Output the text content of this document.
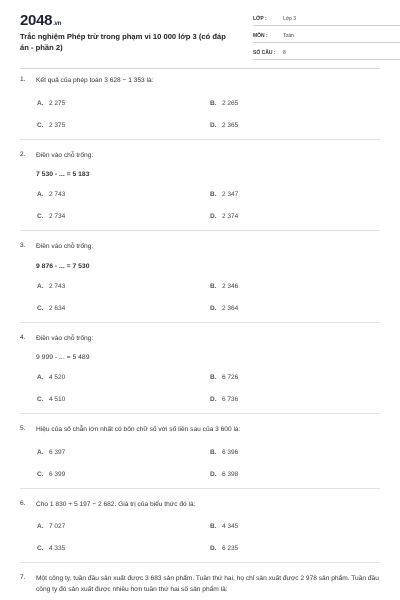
2048.vn
Trắc nghiệm Phép trừ trong phạm vi 10 000 lớp 3 (có đáp án - phần 2)
LỚP :	Lớp 3
MÔN :	Toán
SỐ CÂU : 8
1.	Kết quả của phép toán 3 628 − 1 353 là:
A. 2 275	B. 2 265
C. 2 375	D. 2 365
2.	Điền vào chỗ trống:
7 530 - ... = 5 183
A. 2 743	B. 2 347
C. 2 734	D. 2 374
3.	Điền vào chỗ trống:
9 876 - ... = 7 530
A. 2 743	B. 2 346
C. 2 634	D. 2 364
4.	Điền vào chỗ trống:
9 999 - ... = 5 489
A. 4 520	B. 6 726
C. 4 510	D. 6 736
5.	Hiệu của số chẵn lớn nhất có bốn chữ số với số liền sau của 3 600 là:
A. 6 397	B. 6 396
C. 6 399	D. 6 398
6.	Cho 1 830 + 5 197 − 2 682. Giá trị của biểu thức đó là:
A. 7 027	B. 4 345
C. 4 335	D. 6 235
7.	Một công ty, tuần đầu sản xuất được 3 683 sản phẩm. Tuần thứ hai, họ chỉ sản xuất được 2 978 sản phẩm. Tuần đầu công ty đó sản xuất được nhiều hơn tuần thứ hai số sản phẩm là:
